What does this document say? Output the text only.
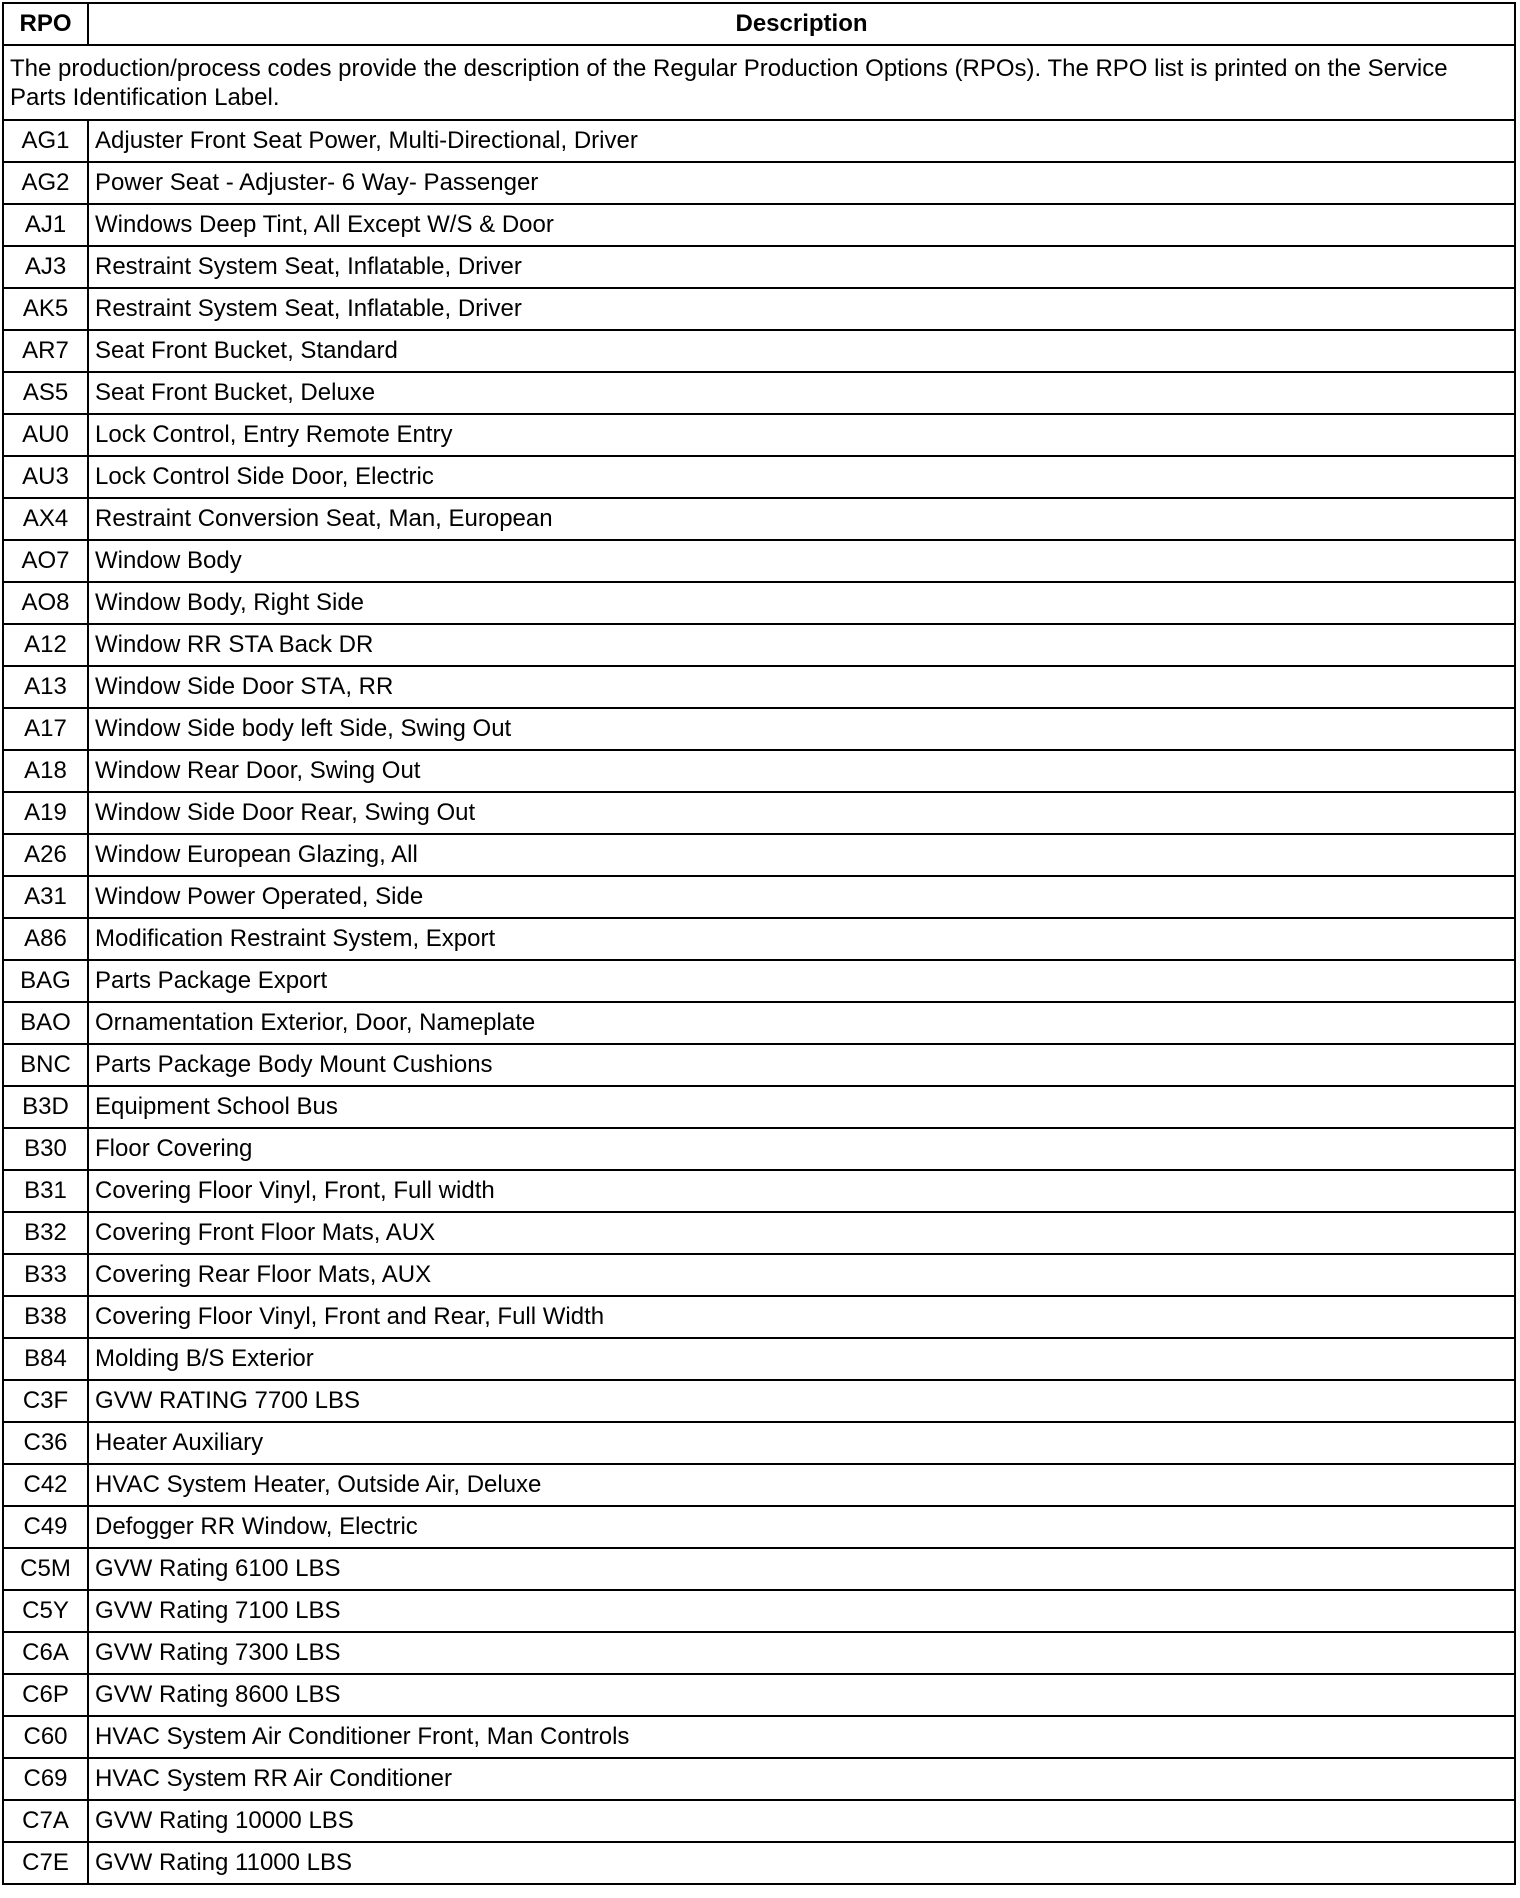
RPO	Description
The production/process codes provide the description of the Regular Production Options (RPOs). The RPO list is printed on the Service Parts Identification Label.	
AG1	Adjuster Front Seat Power, Multi-Directional, Driver
AG2	Power Seat - Adjuster- 6 Way- Passenger
AJ1	Windows Deep Tint, All Except W/S & Door
AJ3	Restraint System Seat, Inflatable, Driver
AK5	Restraint System Seat, Inflatable, Driver
AR7	Seat Front Bucket, Standard
AS5	Seat Front Bucket, Deluxe
AU0	Lock Control, Entry Remote Entry
AU3	Lock Control Side Door, Electric
AX4	Restraint Conversion Seat, Man, European
AO7	Window Body
AO8	Window Body, Right Side
A12	Window RR STA Back DR
A13	Window Side Door STA, RR
A17	Window Side body left Side, Swing Out
A18	Window Rear Door, Swing Out
A19	Window Side Door Rear, Swing Out
A26	Window European Glazing, All
A31	Window Power Operated, Side
A86	Modification Restraint System, Export
BAG	Parts Package Export
BAO	Ornamentation Exterior, Door, Nameplate
BNC	Parts Package Body Mount Cushions
B3D	Equipment School Bus
B30	Floor Covering
B31	Covering Floor Vinyl, Front, Full width
B32	Covering Front Floor Mats, AUX
B33	Covering Rear Floor Mats, AUX
B38	Covering Floor Vinyl, Front and Rear, Full Width
B84	Molding B/S Exterior
C3F	GVW RATING 7700 LBS
C36	Heater Auxiliary
C42	HVAC System Heater, Outside Air, Deluxe
C49	Defogger RR Window, Electric
C5M	GVW Rating 6100 LBS
C5Y	GVW Rating 7100 LBS
C6A	GVW Rating 7300 LBS
C6P	GVW Rating 8600 LBS
C60	HVAC System Air Conditioner Front, Man Controls
C69	HVAC System RR Air Conditioner
C7A	GVW Rating 10000 LBS
C7E	GVW Rating 11000 LBS
